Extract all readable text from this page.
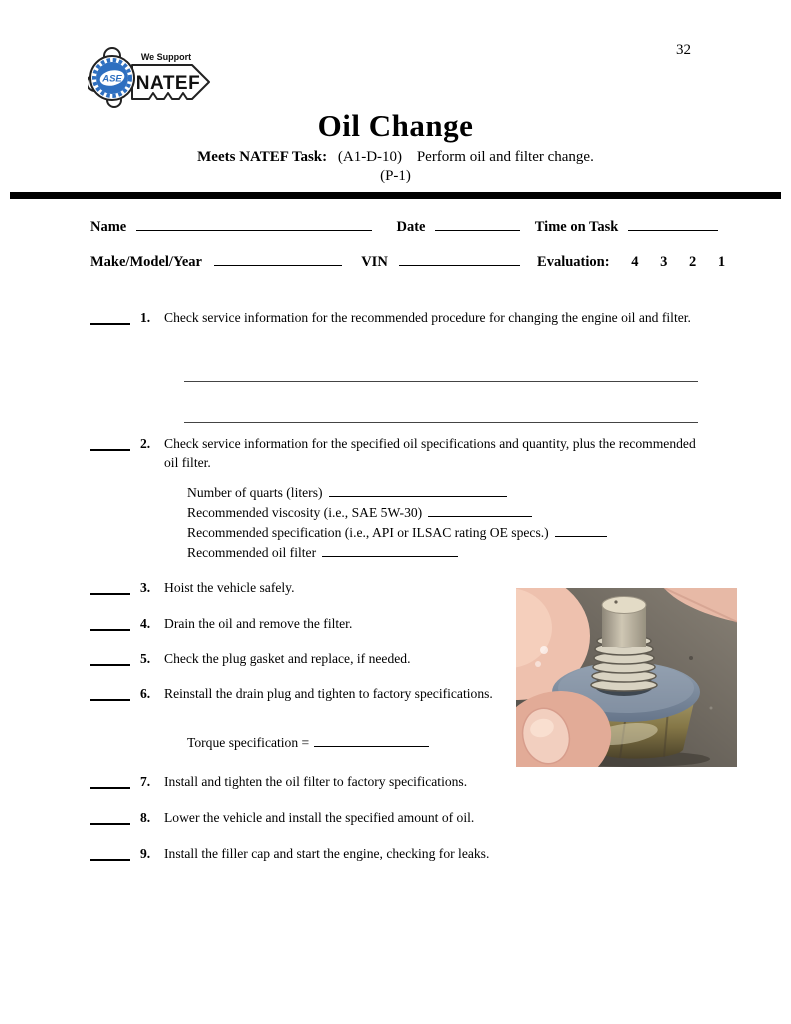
ASE
We Support
NATEF
32
Oil Change
Meets NATEF Task: (A1-D-10) Perform oil and filter change.
(P-1)
Name	Date	Time on Task
Make/Model/Year	VIN	Evaluation: 4 3 2 1
1.	Check service information for the recommended procedure for changing the engine oil and filter.
2.	Check service information for the specified oil specifications and quantity, plus the recommended oil filter.
Number of quarts (liters)
Recommended viscosity (i.e., SAE 5W-30)
Recommended specification (i.e., API or ILSAC rating OE specs.)
Recommended oil filter
3.	Hoist the vehicle safely.
4.	Drain the oil and remove the filter.
5.	Check the plug gasket and replace, if needed.
6.	Reinstall the drain plug and tighten to factory specifications.
Torque specification =
7.	Install and tighten the oil filter to factory specifications.
8.	Lower the vehicle and install the specified amount of oil.
9.	Install the filler cap and start the engine, checking for leaks.
